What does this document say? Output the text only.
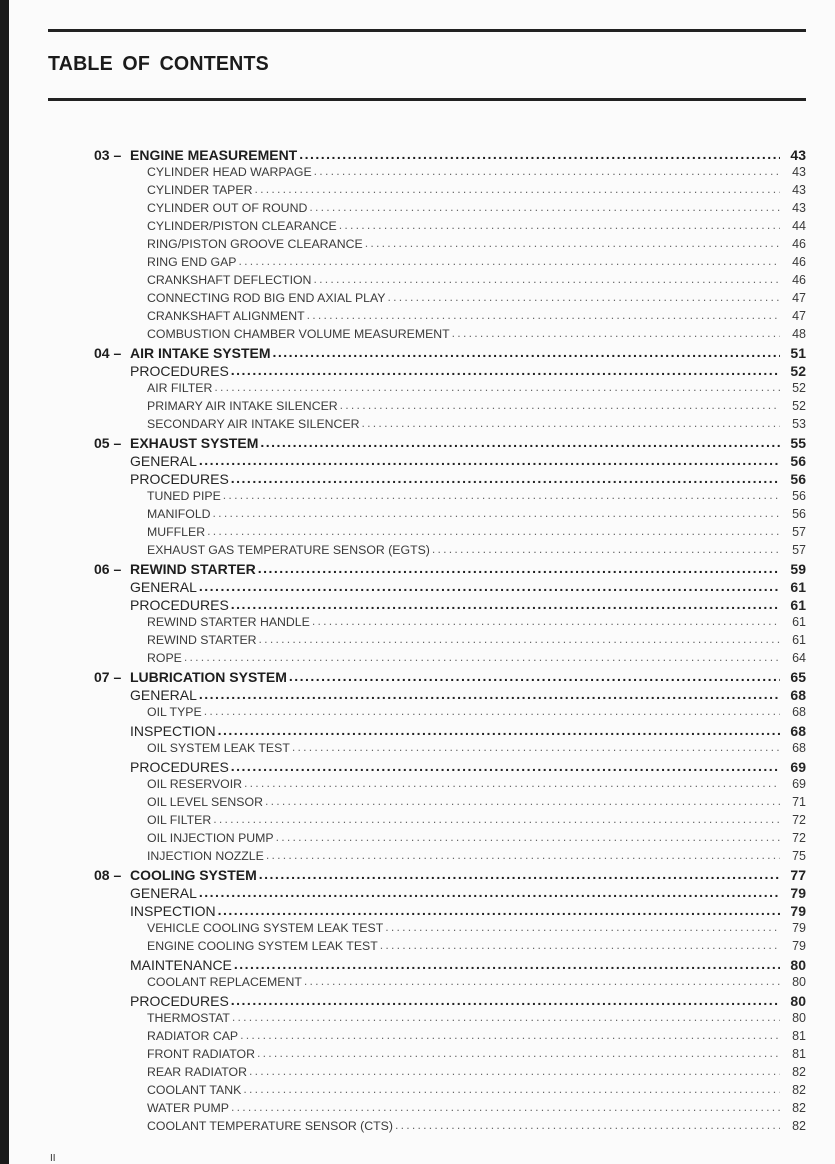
TABLE OF CONTENTS
03 – ENGINE MEASUREMENT . . .	43
CYLINDER HEAD WARPAGE . . .	43
CYLINDER TAPER . . .	43
CYLINDER OUT OF ROUND . . .	43
CYLINDER/PISTON CLEARANCE . . .	44
RING/PISTON GROOVE CLEARANCE . . .	46
RING END GAP . . .	46
CRANKSHAFT DEFLECTION . . .	46
CONNECTING ROD BIG END AXIAL PLAY . . .	47
CRANKSHAFT ALIGNMENT . . .	47
COMBUSTION CHAMBER VOLUME MEASUREMENT . . .	48
04 – AIR INTAKE SYSTEM . . .	51
PROCEDURES . . .	52
AIR FILTER . . .	52
PRIMARY AIR INTAKE SILENCER . . .	52
SECONDARY AIR INTAKE SILENCER . . .	53
05 – EXHAUST SYSTEM . . .	55
GENERAL . . .	56
PROCEDURES . . .	56
TUNED PIPE . . .	56
MANIFOLD . . .	56
MUFFLER . . .	57
EXHAUST GAS TEMPERATURE SENSOR (EGTS) . . .	57
06 – REWIND STARTER . . .	59
GENERAL . . .	61
PROCEDURES . . .	61
REWIND STARTER HANDLE . . .	61
REWIND STARTER . . .	61
ROPE . . .	64
07 – LUBRICATION SYSTEM . . .	65
GENERAL . . .	68
OIL TYPE . . .	68
INSPECTION . . .	68
OIL SYSTEM LEAK TEST . . .	68
PROCEDURES . . .	69
OIL RESERVOIR . . .	69
OIL LEVEL SENSOR . . .	71
OIL FILTER . . .	72
OIL INJECTION PUMP . . .	72
INJECTION NOZZLE . . .	75
08 – COOLING SYSTEM . . .	77
GENERAL . . .	79
INSPECTION . . .	79
VEHICLE COOLING SYSTEM LEAK TEST . . .	79
ENGINE COOLING SYSTEM LEAK TEST . . .	79
MAINTENANCE . . .	80
COOLANT REPLACEMENT . . .	80
PROCEDURES . . .	80
THERMOSTAT . . .	80
RADIATOR CAP . . .	81
FRONT RADIATOR . . .	81
REAR RADIATOR . . .	82
COOLANT TANK . . .	82
WATER PUMP . . .	82
COOLANT TEMPERATURE SENSOR (CTS) . . .	82
II
